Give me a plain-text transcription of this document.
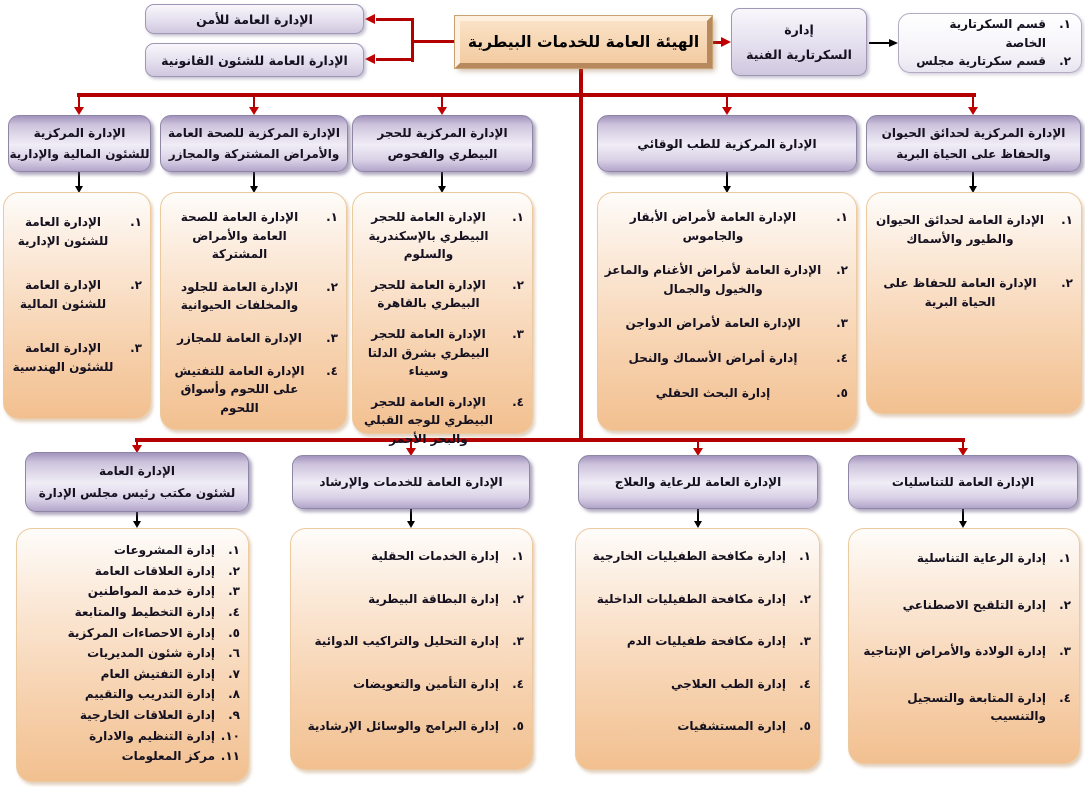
الإدارة العامة للأمن
الإدارة العامة للشئون القانونية
الهيئة العامة للخدمات البيطرية
إدارة
السكرتارية الفنية
١.
قسم السكرتارية الخاصة
٢.
قسم سكرتارية مجلس
الإدارة المركزية
للشئون المالية والإدارية
١.
الإدارة العامة للشئون الإدارية
٢.
الإدارة العامة للشئون المالية
٣.
الإدارة العامة للشئون الهندسية
الإدارة المركزية للصحة العامة
والأمراض المشتركة والمجازر
١.
الإدارة العامة للصحة العامة والأمراض المشتركة
٢.
الإدارة العامة للجلود والمخلفات الحيوانية
٣.
الإدارة العامة للمجازر
٤.
الإدارة العامة للتفتيش على اللحوم وأسواق اللحوم
الإدارة المركزية للحجر
البيطري والفحوص
١.
الإدارة العامة للحجر البيطري بالإسكندرية والسلوم
٢.
الإدارة العامة للحجر البيطري بالقاهرة
٣.
الإدارة العامة للحجر البيطري بشرق الدلتا وسيناء
٤.
الإدارة العامة للحجر البيطري للوجه القبلي والبحر الأحمر
الإدارة المركزية للطب الوقائي
١.
الإدارة العامة لأمراض الأبقار والجاموس
٢.
الإدارة العامة لأمراض الأغنام والماعز والخيول والجمال
٣.
الإدارة العامة لأمراض الدواجن
٤.
إدارة أمراض الأسماك والنحل
٥.
إدارة البحث الحقلي
الإدارة المركزية لحدائق الحيوان
والحفاظ على الحياة البرية
١.
الإدارة العامة لحدائق الحيوان والطيور والأسماك
٢.
الإدارة العامة للحفاظ على الحياة البرية
الإدارة العامة
لشئون مكتب رئيس مجلس الإدارة
١.
إدارة المشروعات
٢.
إدارة العلاقات العامة
٣.
إدارة خدمة المواطنين
٤.
إدارة التخطيط والمتابعة
٥.
إدارة الاحصاءات المركزية
٦.
إدارة شئون المديريات
٧.
إدارة التفتيش العام
٨.
إدارة التدريب والتقييم
٩.
إدارة العلاقات الخارجية
١٠.
إدارة التنظيم والادارة
١١.
مركز المعلومات
الإدارة العامة للخدمات والإرشاد
١.
إدارة الخدمات الحقلية
٢.
إدارة البطاقة البيطرية
٣.
إدارة التحليل والتراكيب الدوائية
٤.
إدارة التأمين والتعويضات
٥.
إدارة البرامج والوسائل الإرشادية
الإدارة العامة للرعاية والعلاج
١.
إدارة مكافحة الطفيليات الخارجية
٢.
إدارة مكافحة الطفيليات الداخلية
٣.
إدارة مكافحة طفيليات الدم
٤.
إدارة الطب العلاجي
٥.
إدارة المستشفيات
الإدارة العامة للتناسليات
١.
إدارة الرعاية التناسلية
٢.
إدارة التلقيح الاصطناعي
٣.
إدارة الولادة والأمراض الإنتاجية
٤.
إدارة المتابعة والتسجيل والتنسيب
